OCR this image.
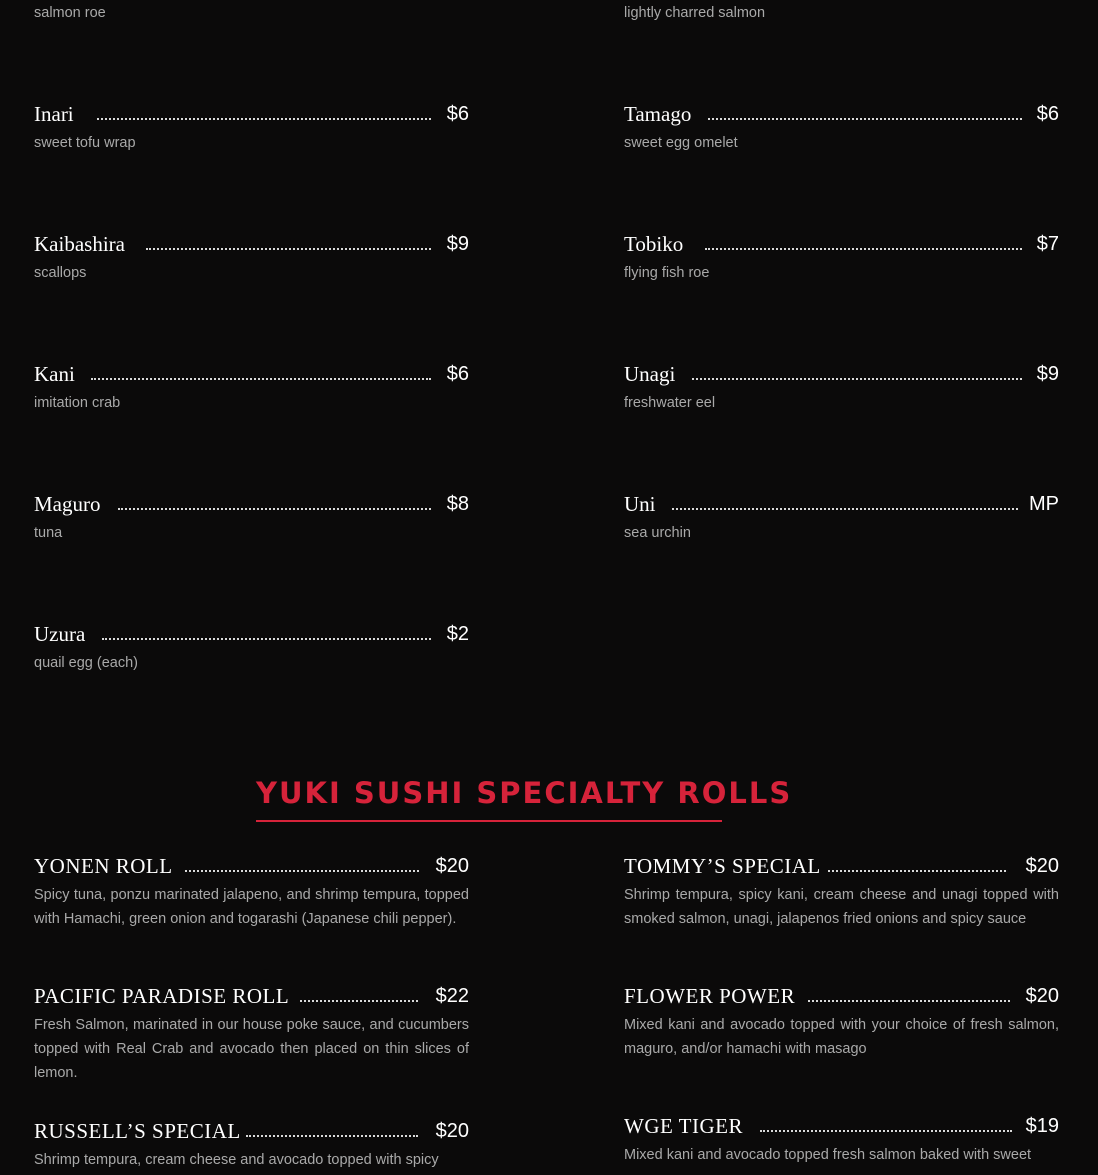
salmon roe	lightly charred salmon
Inari	$6
sweet tofu wrap
Tamago	$6
sweet egg omelet
Kaibashira	$9
scallops
Tobiko	$7
flying fish roe
Kani	$6
imitation crab
Unagi	$9
freshwater eel
Maguro	$8
tuna
Uni	MP
sea urchin
Uzura	$2
quail egg (each)
YUKI SUSHI SPECIALTY ROLLS
YONEN ROLL	$20
Spicy tuna, ponzu marinated jalapeno, and shrimp tempura, topped with Hamachi, green onion and togarashi (Japanese chili pepper).
TOMMY’S SPECIAL	$20
Shrimp tempura, spicy kani, cream cheese and unagi topped with smoked salmon, unagi, jalapenos fried onions and spicy sauce
PACIFIC PARADISE ROLL	$22
Fresh Salmon, marinated in our house poke sauce, and cucumbers topped with Real Crab and avocado then placed on thin slices of lemon.
FLOWER POWER	$20
Mixed kani and avocado topped with your choice of fresh salmon, maguro, and/or hamachi with masago
RUSSELL’S SPECIAL	$20
Shrimp tempura, cream cheese and avocado topped with spicy
WGE TIGER	$19
Mixed kani and avocado topped fresh salmon baked with sweet
